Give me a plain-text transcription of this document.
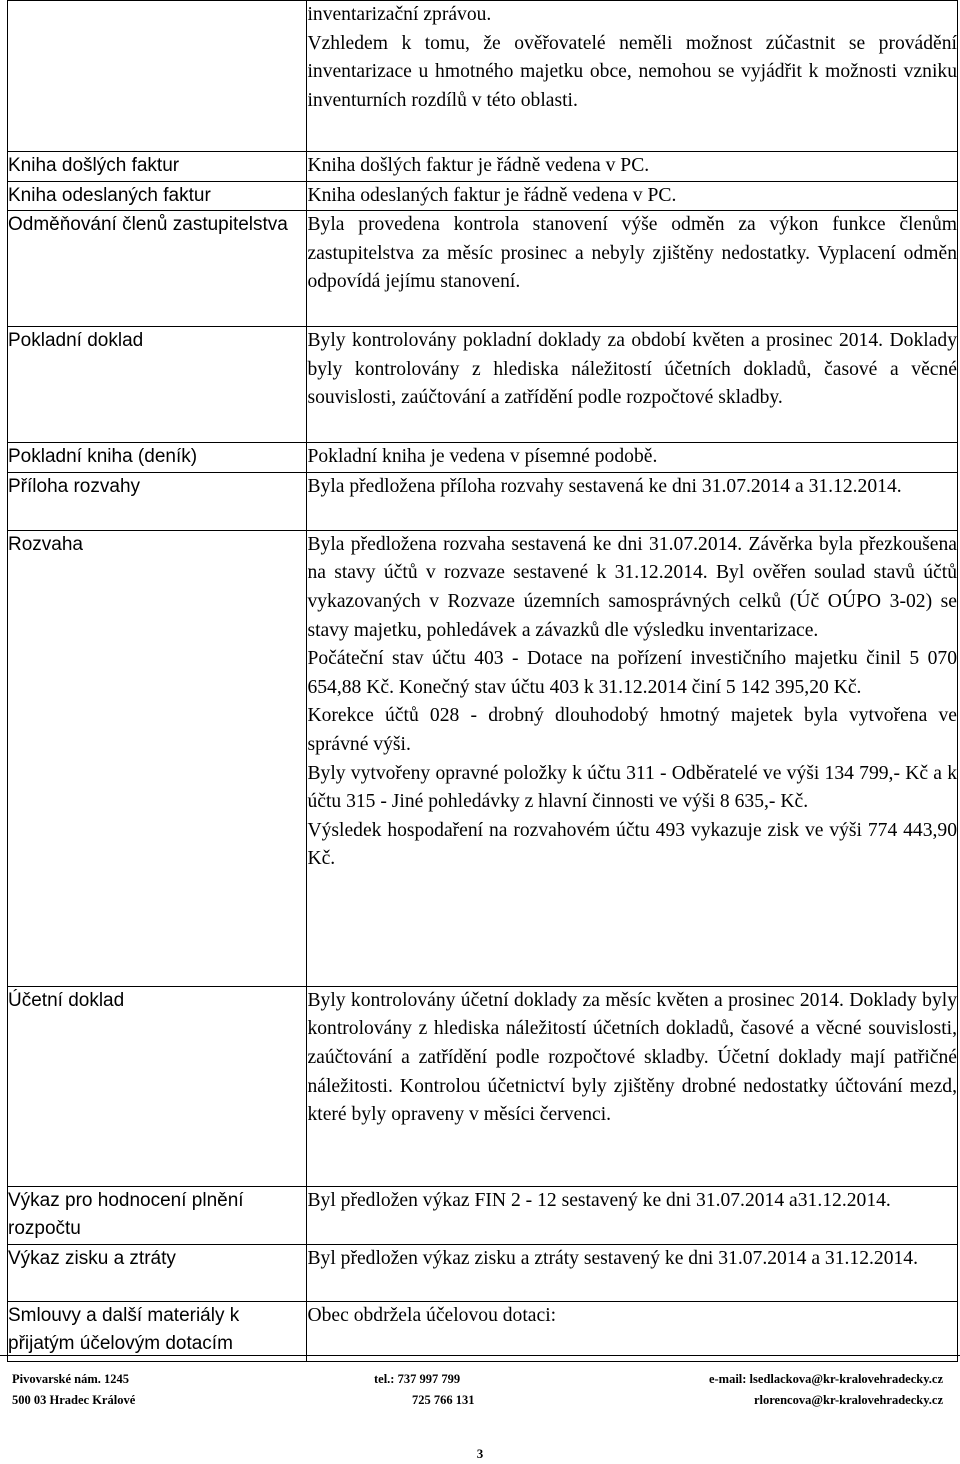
	inventarizační zprávou.

Vzhledem k tomu, že ověřovatelé neměli možnost zúčastnit se provádění inventarizace u hmotného majetku obce, nemohou se vyjádřit k možnosti vzniku inventurních rozdílů v této oblasti.

Kniha došlých faktur	Kniha došlých faktur je řádně vedena v PC.

Kniha odeslaných faktur	Kniha odeslaných faktur je řádně vedena v PC.

Odměňování členů zastupitelstva	Byla provedena kontrola stanovení výše odměn za výkon funkce členům zastupitelstva za měsíc prosinec a nebyly zjištěny nedostatky. Vyplacení odměn odpovídá jejímu stanovení.

Pokladní doklad	Byly kontrolovány pokladní doklady za období květen a prosinec 2014. Doklady byly kontrolovány z hlediska náležitostí účetních dokladů, časové a věcné souvislosti, zaúčtování a zatřídění podle rozpočtové skladby.

Pokladní kniha (deník)	Pokladní kniha je vedena v písemné podobě.

Příloha rozvahy	Byla předložena příloha rozvahy sestavená ke dni 31.07.2014 a 31.12.2014.

Rozvaha	Byla předložena rozvaha sestavená ke dni 31.07.2014. Závěrka byla přezkoušena na stavy účtů v rozvaze sestavené k 31.12.2014. Byl ověřen soulad stavů účtů vykazovaných v Rozvaze územních samosprávných celků (Úč OÚPO 3-02) se stavy majetku, pohledávek a závazků dle výsledku inventarizace.

Počáteční stav účtu 403 - Dotace na pořízení investičního majetku činil 5 070 654,88 Kč. Konečný stav účtu 403 k 31.12.2014 činí 5 142 395,20 Kč.

Korekce účtů 028 - drobný dlouhodobý hmotný majetek byla vytvořena ve správné výši.

Byly vytvořeny opravné položky k účtu 311 - Odběratelé ve výši 134 799,- Kč a k účtu 315 - Jiné pohledávky z hlavní činnosti ve výši 8 635,- Kč.

Výsledek hospodaření na rozvahovém účtu 493 vykazuje zisk ve výši 774 443,90 Kč.

Účetní doklad	Byly kontrolovány účetní doklady za měsíc květen a prosinec 2014. Doklady byly kontrolovány z hlediska náležitostí účetních dokladů, časové a věcné souvislosti, zaúčtování a zatřídění podle rozpočtové skladby. Účetní doklady mají patřičné náležitosti. Kontrolou účetnictví byly zjištěny drobné nedostatky účtování mezd, které byly opraveny v měsíci červenci.

Výkaz pro hodnocení plnění rozpočtu	Byl předložen výkaz FIN 2 - 12 sestavený ke dni 31.07.2014 a31.12.2014.

Výkaz zisku a ztráty	Byl předložen výkaz zisku a ztráty sestavený ke dni 31.07.2014 a 31.12.2014.

Smlouvy a další materiály k přijatým účelovým dotacím	Obec obdržela účelovou dotaci:

Pivovarské nám. 1245
500 03 Hradec Králové
tel.: 737 997 799
725 766 131
e-mail: lsedlackova@kr-kralovehradecky.cz
rlorencova@kr-kralovehradecky.cz
3
